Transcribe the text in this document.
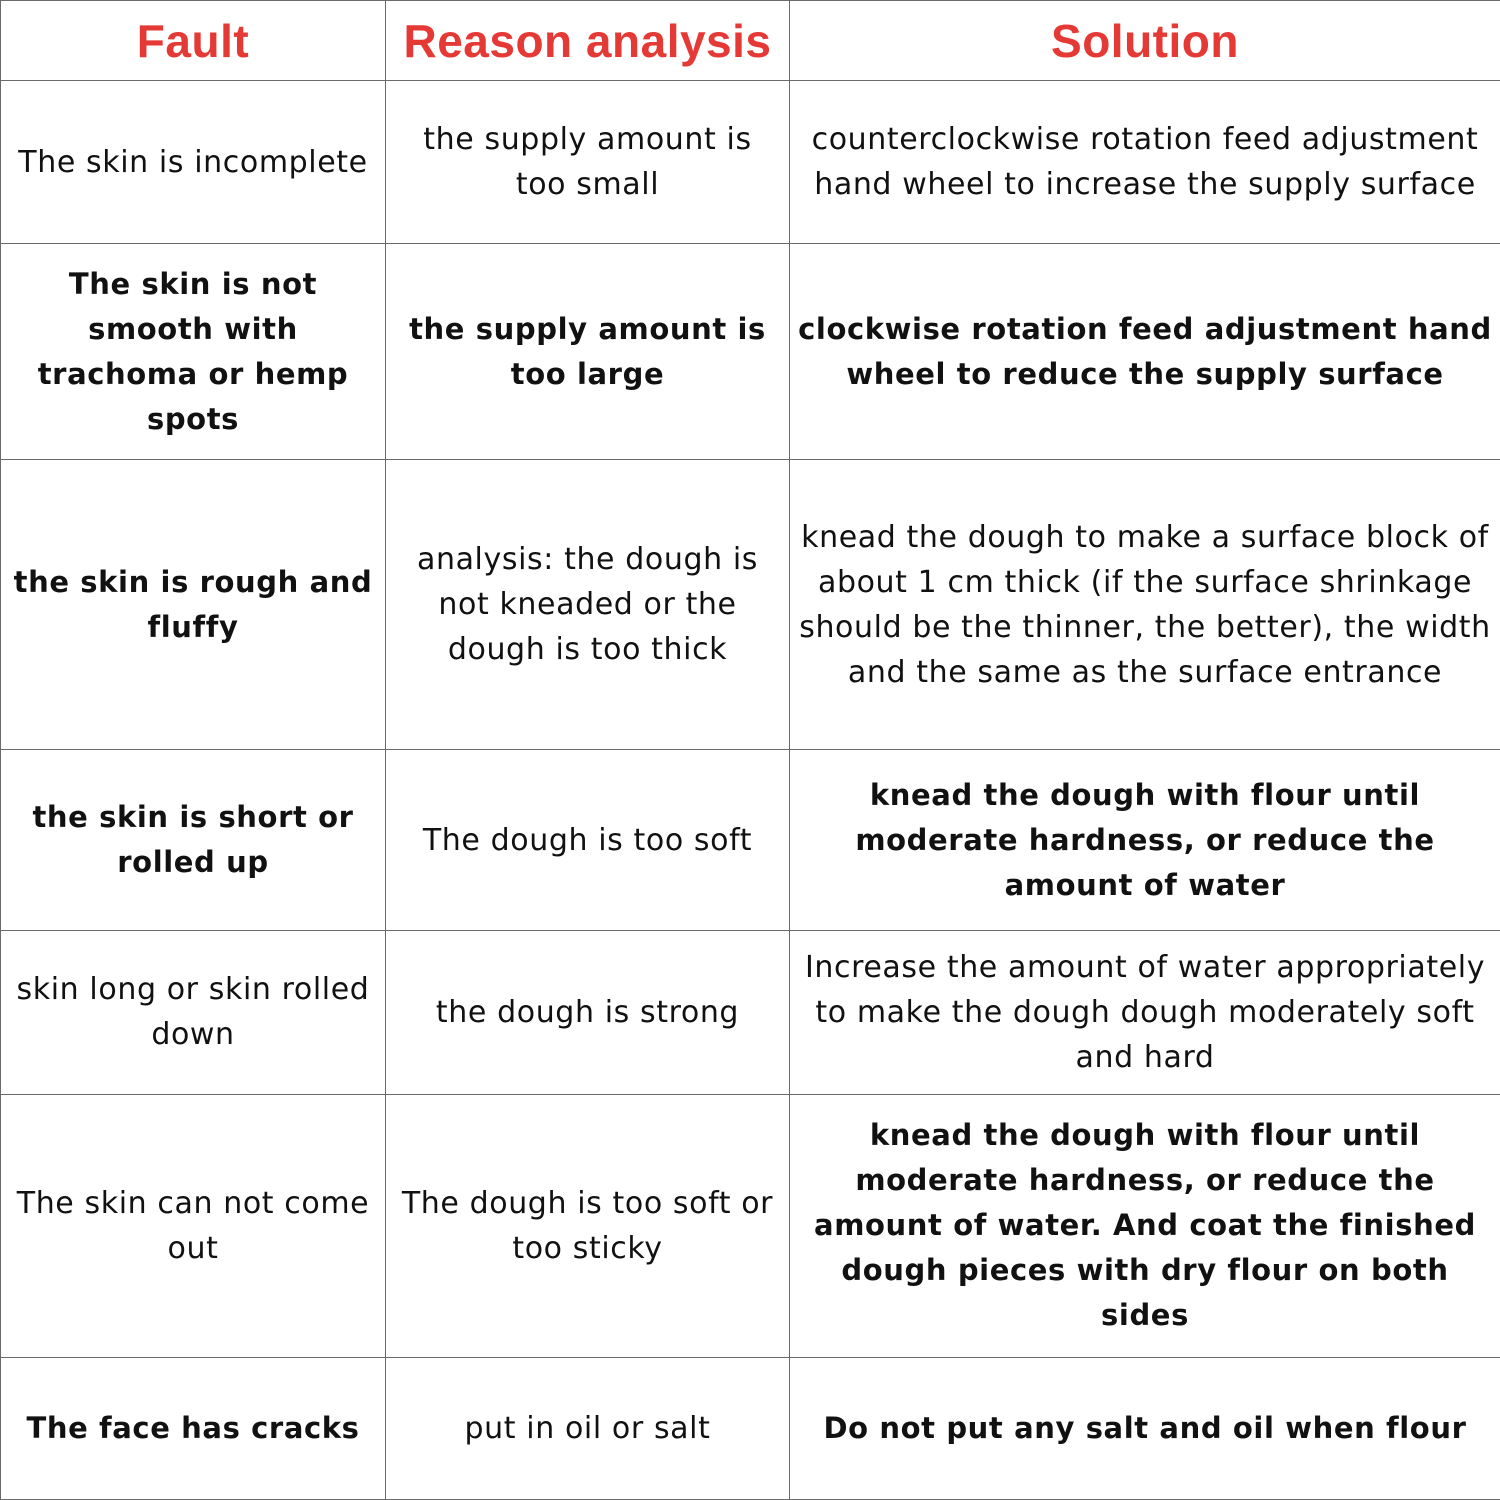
Fault	Reason analysis	Solution
The skin is incomplete	the supply amount is too small	counterclockwise rotation feed adjustment hand wheel to increase the supply surface
The skin is not smooth with trachoma or hemp spots	the supply amount is too large	clockwise rotation feed adjustment hand wheel to reduce the supply surface
the skin is rough and fluffy	analysis: the dough is not kneaded or the dough is too thick	knead the dough to make a surface block of about 1 cm thick (if the surface shrinkage should be the thinner, the better), the width and the same as the surface entrance
the skin is short or rolled up	The dough is too soft	knead the dough with flour until moderate hardness, or reduce the amount of water
skin long or skin rolled down	the dough is strong	Increase the amount of water appropriately to make the dough dough moderately soft and hard
The skin can not come out	The dough is too soft or too sticky	knead the dough with flour until moderate hardness, or reduce the amount of water. And coat the finished dough pieces with dry flour on both sides
The face has cracks	put in oil or salt	Do not put any salt and oil when flour
